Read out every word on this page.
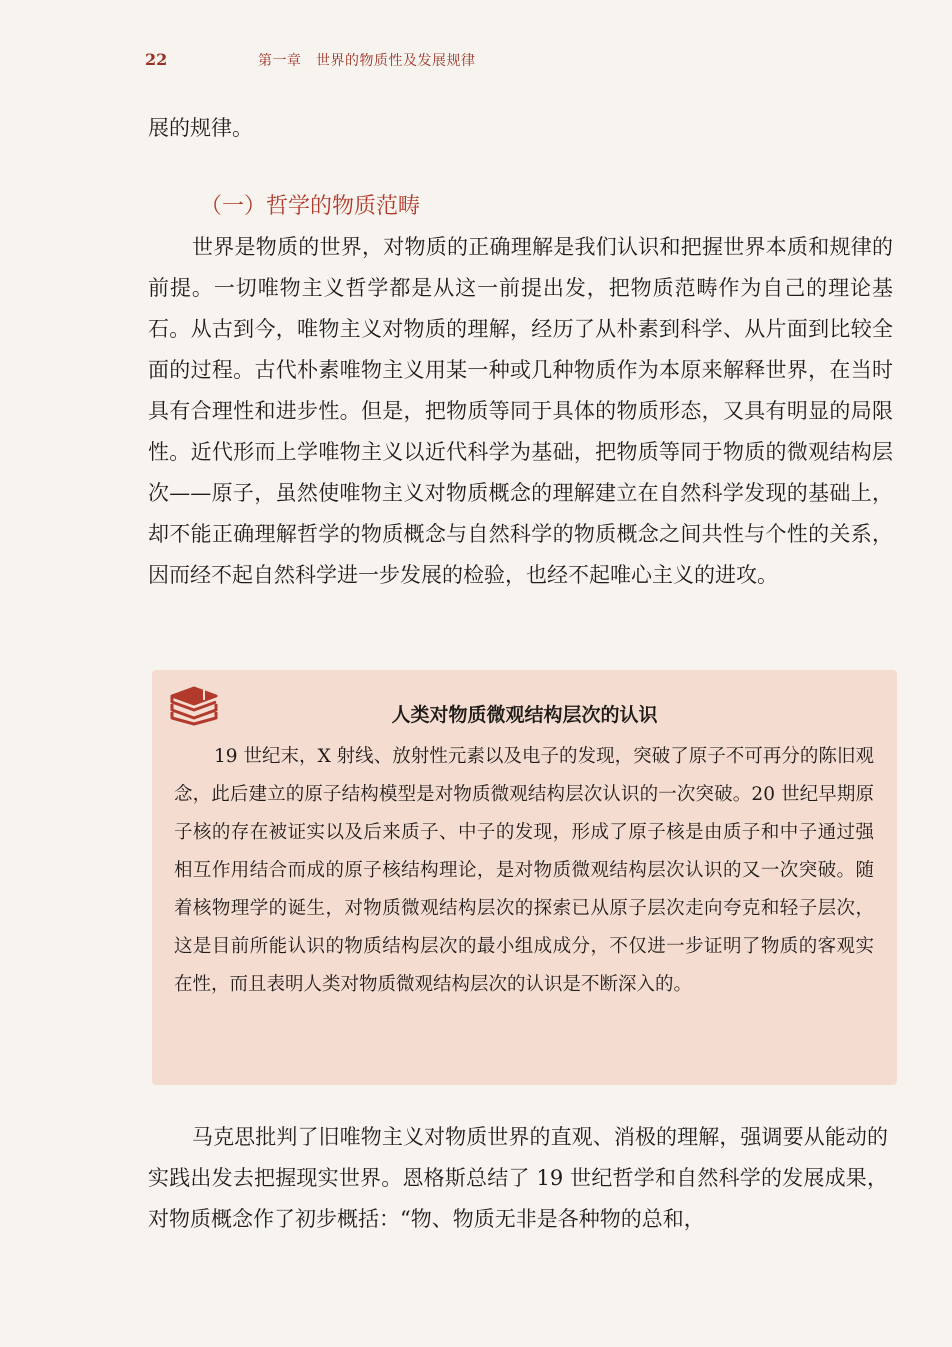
22	第一章　世界的物质性及发展规律

展的规律。

（一）哲学的物质范畴

世界是物质的世界，对物质的正确理解是我们认识和把握世界本质和规律的前提。一切唯物主义哲学都是从这一前提出发，把物质范畴作为自己的理论基石。从古到今，唯物主义对物质的理解，经历了从朴素到科学、从片面到比较全面的过程。古代朴素唯物主义用某一种或几种物质作为本原来解释世界，在当时具有合理性和进步性。但是，把物质等同于具体的物质形态，又具有明显的局限性。近代形而上学唯物主义以近代科学为基础，把物质等同于物质的微观结构层次——原子，虽然使唯物主义对物质概念的理解建立在自然科学发现的基础上，却不能正确理解哲学的物质概念与自然科学的物质概念之间共性与个性的关系，因而经不起自然科学进一步发展的检验，也经不起唯心主义的进攻。

人类对物质微观结构层次的认识

19 世纪末，X 射线、放射性元素以及电子的发现，突破了原子不可再分的陈旧观念，此后建立的原子结构模型是对物质微观结构层次认识的一次突破。20 世纪早期原子核的存在被证实以及后来质子、中子的发现，形成了原子核是由质子和中子通过强相互作用结合而成的原子核结构理论，是对物质微观结构层次认识的又一次突破。随着核物理学的诞生，对物质微观结构层次的探索已从原子层次走向夸克和轻子层次，这是目前所能认识的物质结构层次的最小组成成分，不仅进一步证明了物质的客观实在性，而且表明人类对物质微观结构层次的认识是不断深入的。

马克思批判了旧唯物主义对物质世界的直观、消极的理解，强调要从能动的实践出发去把握现实世界。恩格斯总结了 19 世纪哲学和自然科学的发展成果，对物质概念作了初步概括：“物、物质无非是各种物的总和，
